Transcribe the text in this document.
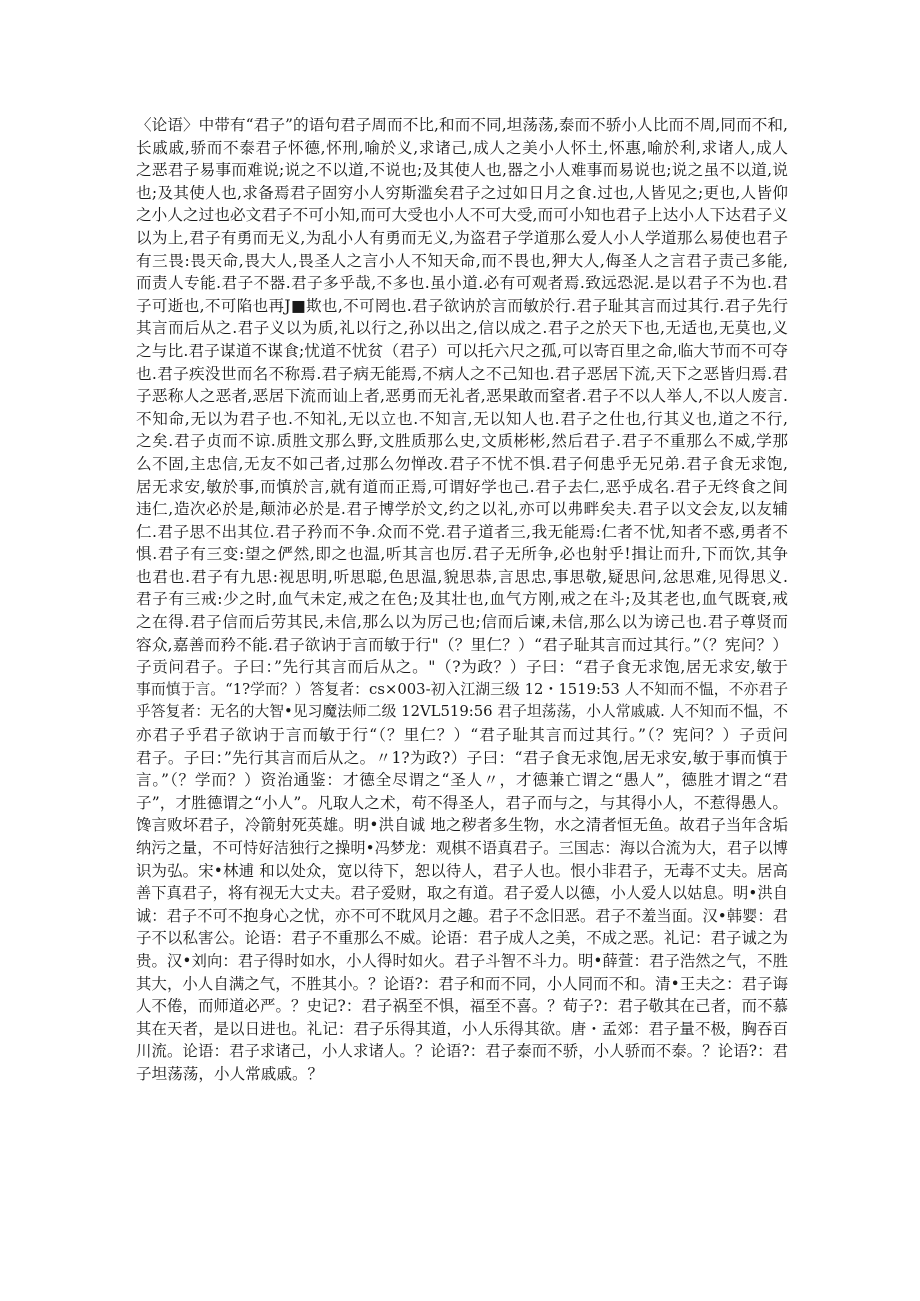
〈论语〉中带有“君子”的语句君子周而不比,和而不同,坦荡荡,泰而不骄小人比而不周,同而不和,
长戚戚,骄而不泰君子怀德,怀刑,喻於义,求诸己,成人之美小人怀土,怀惠,喻於利,求诸人,成人
之恶君子易事而难说;说之不以道,不说也;及其使人也,器之小人难事而易说也;说之虽不以道,说
也;及其使人也,求备焉君子固穷小人穷斯滥矣君子之过如日月之食.过也,人皆见之;更也,人皆仰
之小人之过也必文君子不可小知,而可大受也小人不可大受,而可小知也君子上达小人下达君子义
以为上,君子有勇而无义,为乱小人有勇而无义,为盗君子学道那么爱人小人学道那么易使也君子
有三畏:畏天命,畏大人,畏圣人之言小人不知天命,而不畏也,狎大人,侮圣人之言君子责己多能,
而责人专能.君子不器.君子多乎哉,不多也.虽小道.必有可观者焉.致远恐泥.是以君子不为也.君
子可逝也,不可陷也再J■欺也,不可罔也.君子欲讷於言而敏於行.君子耻其言而过其行.君子先行
其言而后从之.君子义以为质,礼以行之,孙以出之,信以成之.君子之於天下也,无适也,无莫也,义
之与比.君子谋道不谋食;忧道不忧贫（君子）可以托六尺之孤,可以寄百里之命,临大节而不可夺
也.君子疾没世而名不称焉.君子病无能焉,不病人之不己知也.君子恶居下流,天下之恶皆归焉.君
子恶称人之恶者,恶居下流而讪上者,恶勇而无礼者,恶果敢而窒者.君子不以人举人,不以人废言.
不知命,无以为君子也.不知礼,无以立也.不知言,无以知人也.君子之仕也,行其义也,道之不行,
之矣.君子贞而不谅.质胜文那么野,文胜质那么史,文质彬彬,然后君子.君子不重那么不威,学那
么不固,主忠信,无友不如己者,过那么勿惮改.君子不忧不惧.君子何患乎无兄弟.君子食无求饱,
居无求安,敏於事,而慎於言,就有道而正焉,可谓好学也己.君子去仁,恶乎成名.君子无终食之间
违仁,造次必於是,颠沛必於是.君子博学於文,约之以礼,亦可以弗畔矣夫.君子以文会友,以友辅
仁.君子思不出其位.君子矜而不争.众而不党.君子道者三,我无能焉:仁者不忧,知者不惑,勇者不
惧.君子有三变:望之俨然,即之也温,听其言也厉.君子无所争,必也射乎!揖让而升,下而饮,其争
也君也.君子有九思:视思明,听思聪,色思温,貌思恭,言思忠,事思敬,疑思问,忿思难,见得思义.
君子有三戒:少之时,血气未定,戒之在色;及其壮也,血气方刚,戒之在斗;及其老也,血气既衰,戒
之在得.君子信而后劳其民,未信,那么以为厉己也;信而后谏,未信,那么以为谤己也.君子尊贤而
容众,嘉善而矜不能.君子欲讷于言而敏于行"（？里仁？）“君子耻其言而过其行。”（？宪问？）
子贡问君子。子曰：”先行其言而后从之。"（?为政？）子曰：“君子食无求饱,居无求安,敏于
事而慎于言。“1?学而？）答复者：cs×003-初入江湖三级 12・1519:53 人不知而不愠，不亦君子
乎答复者：无名的大智•见习魔法师二级 12VL519:56 君子坦荡荡，小人常戚戚. 人不知而不愠，不
亦君子乎君子欲讷于言而敏于行“（？里仁？）“君子耻其言而过其行。”（？宪问？）子贡问
君子。子曰：”先行其言而后从之。〃1?为政?）子曰：“君子食无求饱,居无求安,敏于事而慎于
言。”（？学而？）资治通鉴：才德全尽谓之“圣人〃，才德兼亡谓之“愚人”，德胜才谓之“君
子”，才胜德谓之“小人”。凡取人之术，苟不得圣人，君子而与之，与其得小人，不惹得愚人。
馋言败坏君子，冷箭射死英雄。明•洪自诚 地之秽者多生物，水之清者恒无鱼。故君子当年含垢
纳污之量，不可恃好洁独行之操明•冯梦龙：观棋不语真君子。三国志：海以合流为大，君子以博
识为弘。宋•林逋 和以处众，宽以待下，恕以待人，君子人也。恨小非君子，无毒不丈夫。居高
善下真君子，将有视无大丈夫。君子爱财，取之有道。君子爱人以德，小人爱人以姑息。明•洪自
诚：君子不可不抱身心之忧，亦不可不耽风月之趣。君子不念旧恶。君子不羞当面。汉•韩婴：君
子不以私害公。论语：君子不重那么不威。论语：君子成人之美，不成之恶。礼记：君子诚之为
贵。汉•刘向：君子得时如水，小人得时如火。君子斗智不斗力。明•薛萱：君子浩然之气，不胜
其大，小人自满之气，不胜其小。？论语?：君子和而不同，小人同而不和。清•王夫之：君子诲
人不倦，而师道必严。？史记?：君子祸至不惧，福至不喜。？荀子?：君子敬其在己者，而不慕
其在天者，是以日进也。礼记：君子乐得其道，小人乐得其欲。唐・孟郊：君子量不极，胸吞百
川流。论语：君子求诸己，小人求诸人。？论语?：君子泰而不骄，小人骄而不泰。？论语?：君
子坦荡荡，小人常戚戚。？
